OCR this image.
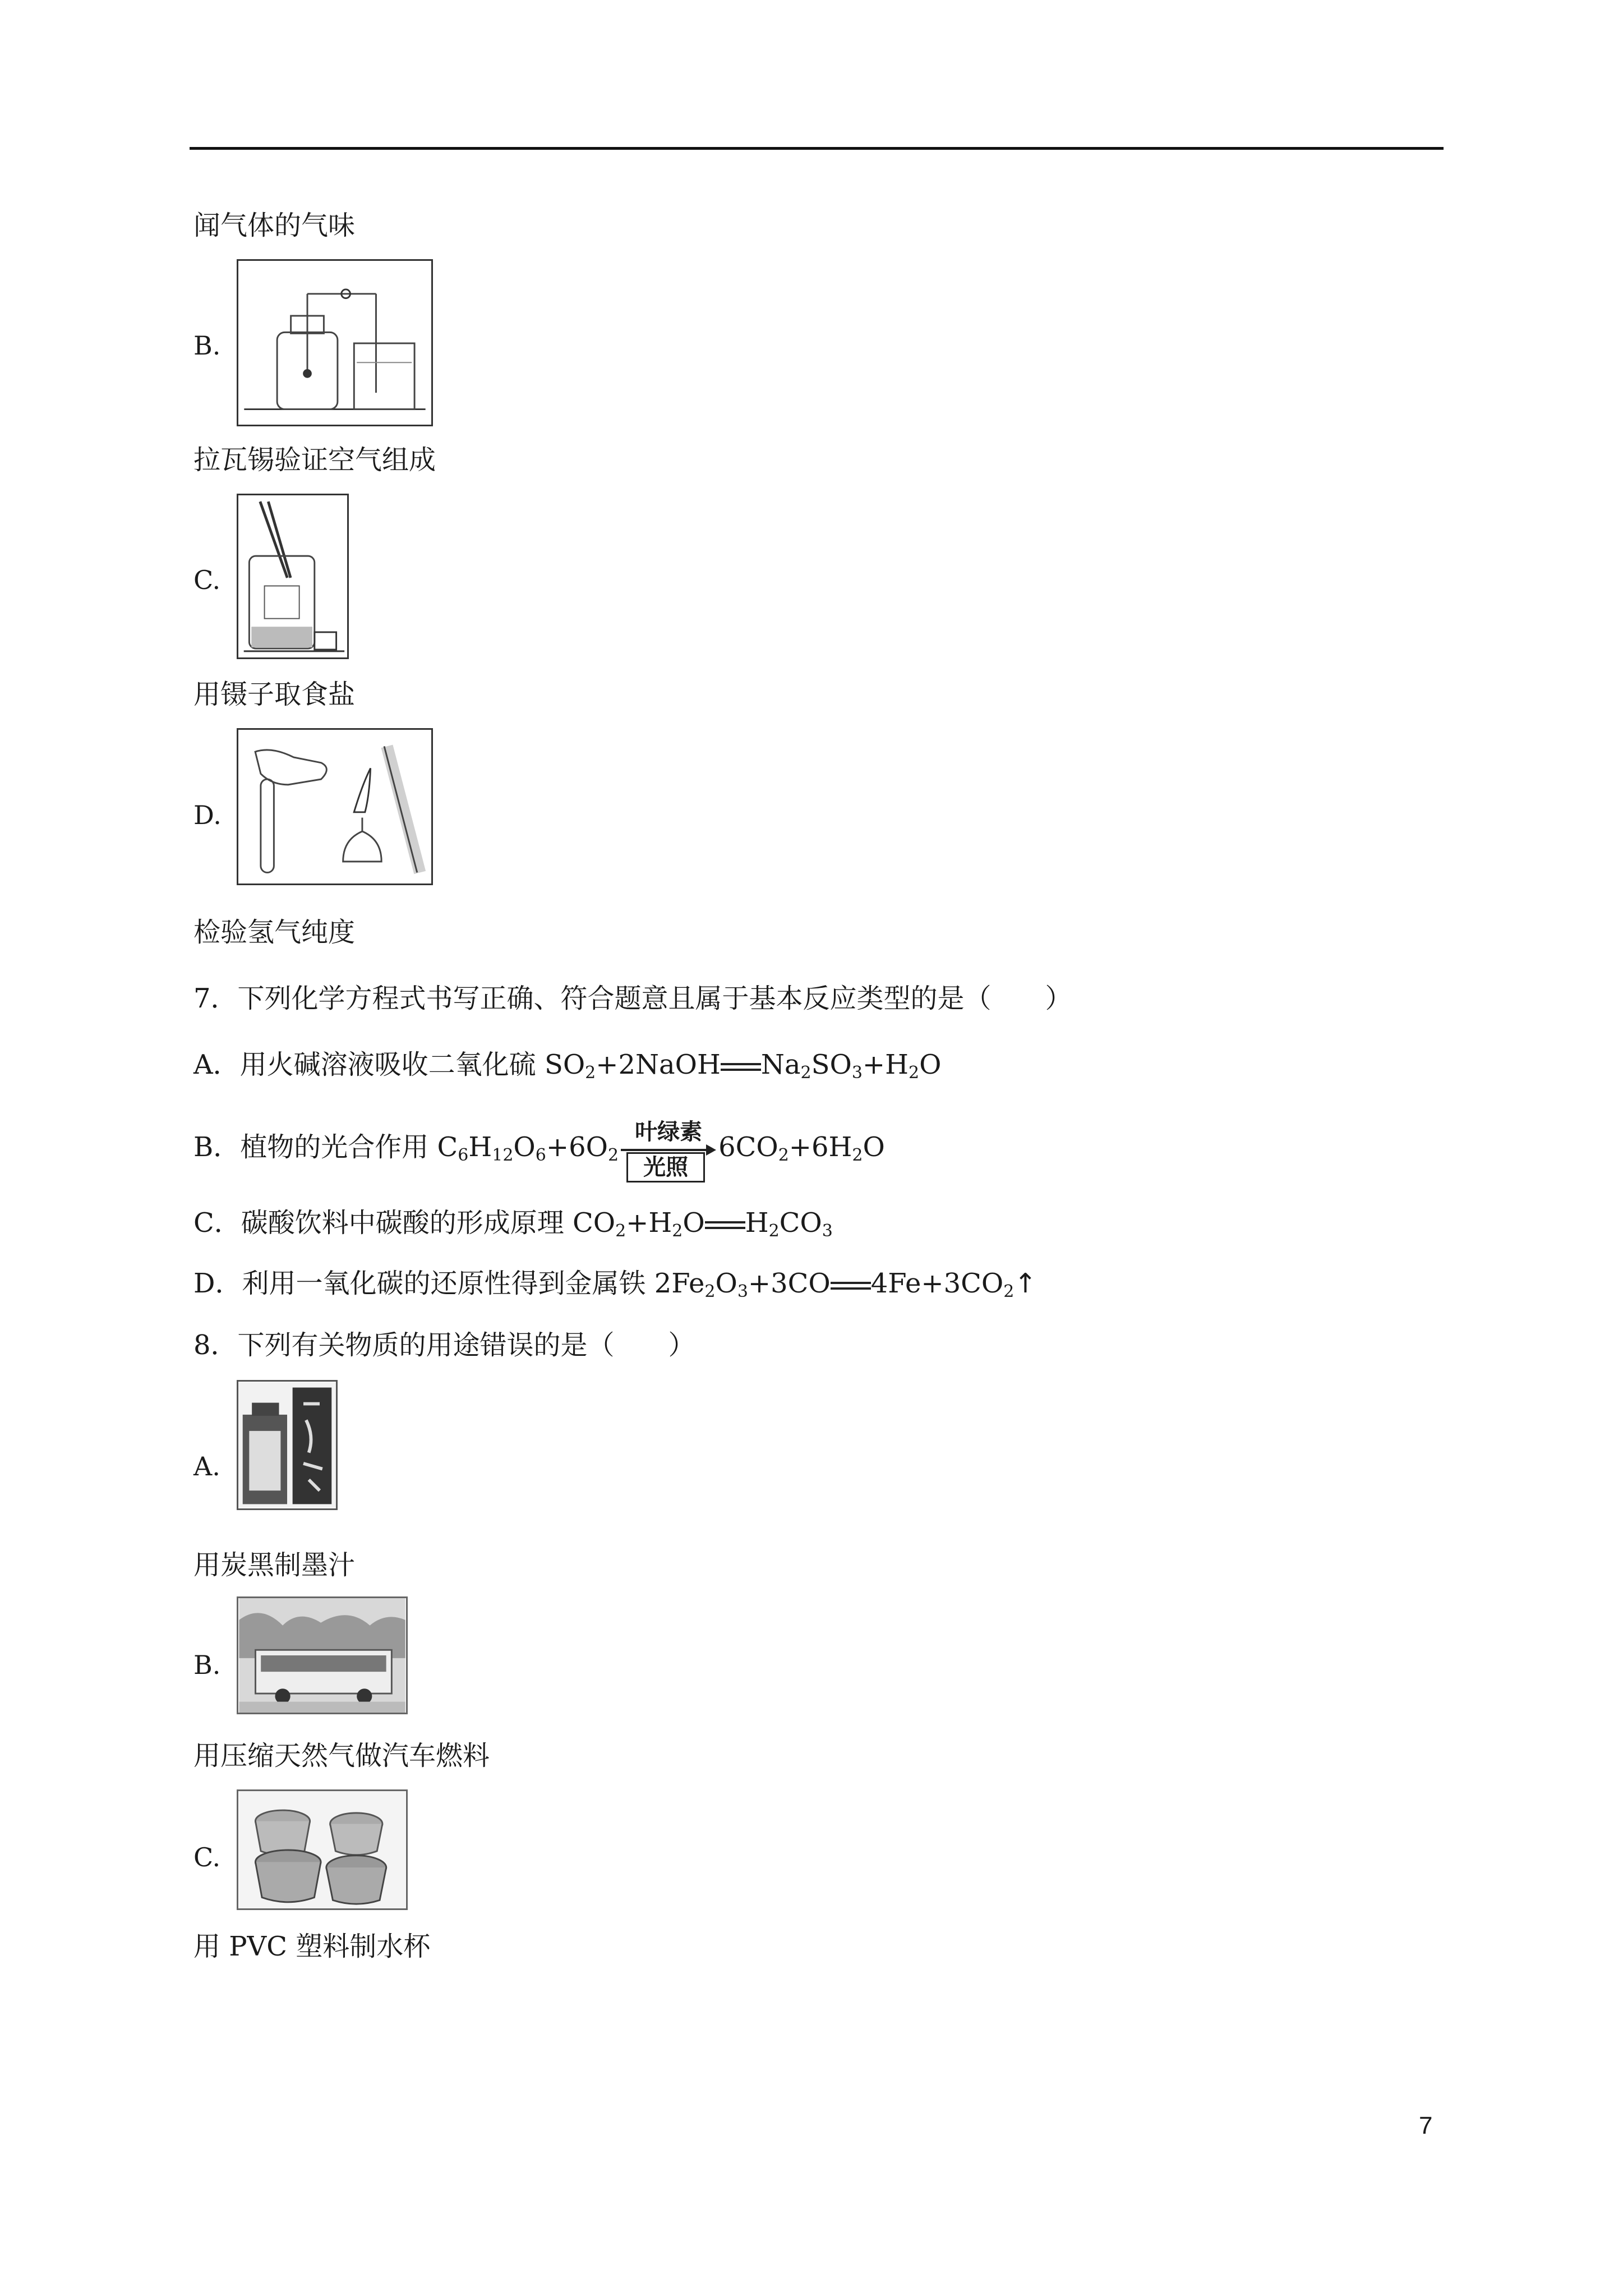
闻气体的气味
B.
拉瓦锡验证空气组成
C.
用镊子取食盐
D.
检验氢气纯度
7．下列化学方程式书写正确、符合题意且属于基本反应类型的是（　　）
A．用火碱溶液吸收二氧化硫 $SO_2+2NaOH$ $Na_2SO_3+H_2O$
B．植物的光合作用 $C_6H_{12}O_6+6O_2$
叶绿素
光照
$6CO_2+6H_2O$
C．碳酸饮料中碳酸的形成原理 $CO_2+H_2O$ $H_2CO_3$
D．利用一氧化碳的还原性得到金属铁 $2Fe_2O_3+3CO$ $4Fe+3CO_2↑$
8．下列有关物质的用途错误的是（　　）
A.
用炭黑制墨汁
B.
用压缩天然气做汽车燃料
C.
用 PVC 塑料制水杯
7
